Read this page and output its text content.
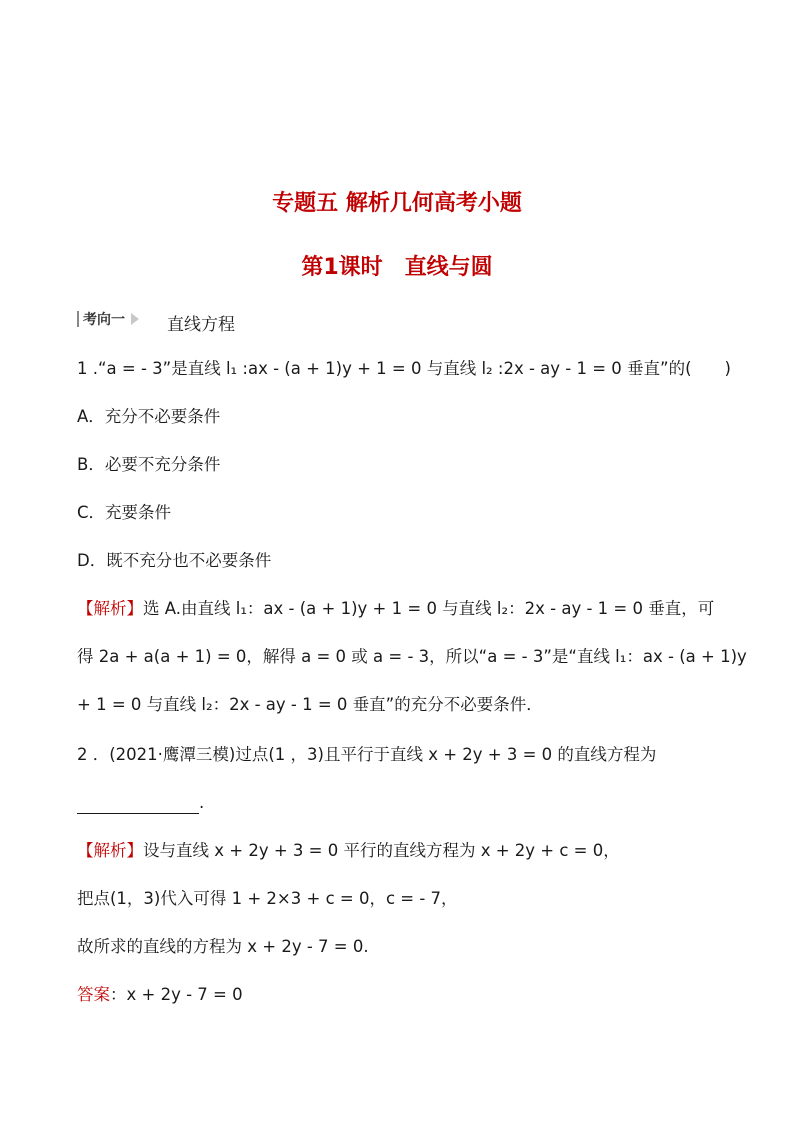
专题五 解析几何高考小题
第1课时　直线与圆
考向一 直线方程
1 .“a = - 3”是直线 l₁ :ax - (a + 1)y + 1 = 0 与直线 l₂ :2x - ay - 1 = 0 垂直”的(　　)
A．充分不必要条件
B．必要不充分条件
C．充要条件
D．既不充分也不必要条件
【解析】选 A.由直线 l₁：ax - (a + 1)y + 1 = 0 与直线 l₂：2x - ay - 1 = 0 垂直，可
得 2a + a(a + 1) = 0，解得 a = 0 或 a = - 3，所以“a = - 3”是“直线 l₁：ax - (a + 1)y
+ 1 = 0 与直线 l₂：2x - ay - 1 = 0 垂直”的充分不必要条件．
2 ．(2021·鹰潭三模)过点(1 ，3)且平行于直线 x + 2y + 3 = 0 的直线方程为
.
【解析】设与直线 x + 2y + 3 = 0 平行的直线方程为 x + 2y + c = 0，
把点(1，3)代入可得 1 + 2×3 + c = 0，c = - 7，
故所求的直线的方程为 x + 2y - 7 = 0.
答案：x + 2y - 7 = 0
